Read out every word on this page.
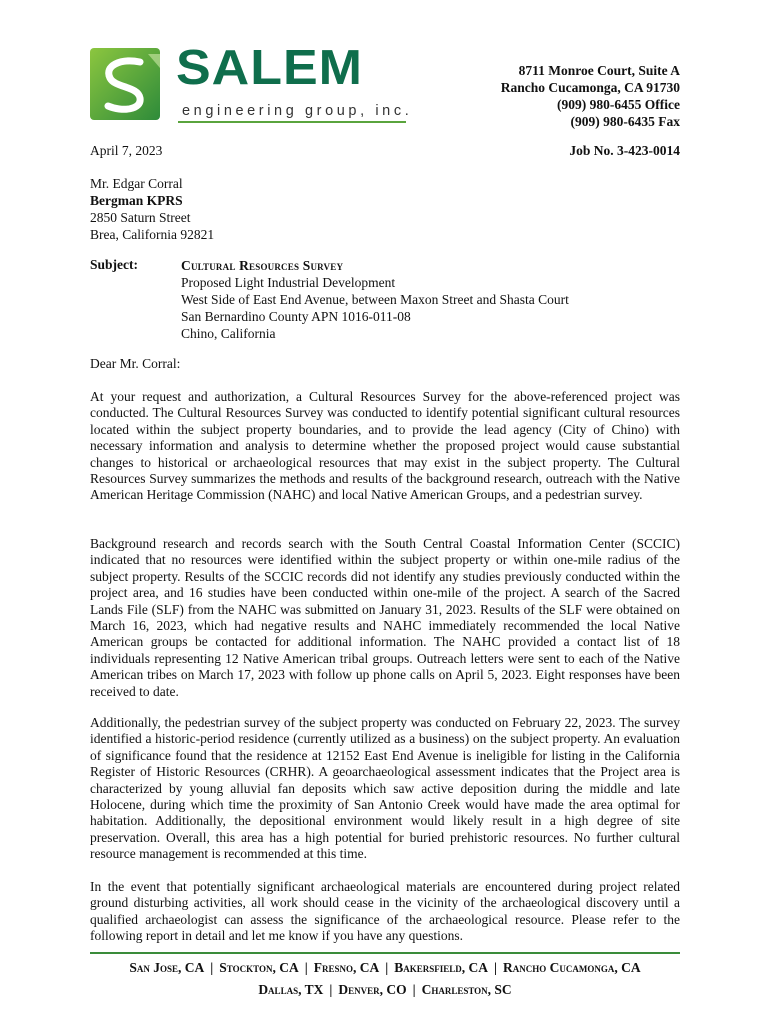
SALEM
engineering group, inc.
8711 Monroe Court, Suite A
Rancho Cucamonga, CA 91730
(909) 980-6455 Office
(909) 980-6435 Fax
April 7, 2023	Job No. 3-423-0014
Mr. Edgar Corral
Bergman KPRS
2850 Saturn Street
Brea, California 92821
Subject:	Cultural Resources Survey
Proposed Light Industrial Development
West Side of East End Avenue, between Maxon Street and Shasta Court
San Bernardino County APN 1016-011-08
Chino, California
Dear Mr. Corral:

At your request and authorization, a Cultural Resources Survey for the above-referenced project was conducted. The Cultural Resources Survey was conducted to identify potential significant cultural resources located within the subject property boundaries, and to provide the lead agency (City of Chino) with necessary information and analysis to determine whether the proposed project would cause substantial changes to historical or archaeological resources that may exist in the subject property. The Cultural Resources Survey summarizes the methods and results of the background research, outreach with the Native American Heritage Commission (NAHC) and local Native American Groups, and a pedestrian survey.

Background research and records search with the South Central Coastal Information Center (SCCIC) indicated that no resources were identified within the subject property or within one-mile radius of the subject property. Results of the SCCIC records did not identify any studies previously conducted within the project area, and 16 studies have been conducted within one-mile of the project. A search of the Sacred Lands File (SLF) from the NAHC was submitted on January 31, 2023. Results of the SLF were obtained on March 16, 2023, which had negative results and NAHC immediately recommended the local Native American groups be contacted for additional information. The NAHC provided a contact list of 18 individuals representing 12 Native American tribal groups. Outreach letters were sent to each of the Native American tribes on March 17, 2023 with follow up phone calls on April 5, 2023. Eight responses have been received to date.

Additionally, the pedestrian survey of the subject property was conducted on February 22, 2023. The survey identified a historic-period residence (currently utilized as a business) on the subject property. An evaluation of significance found that the residence at 12152 East End Avenue is ineligible for listing in the California Register of Historic Resources (CRHR). A geoarchaeological assessment indicates that the Project area is characterized by young alluvial fan deposits which saw active deposition during the middle and late Holocene, during which time the proximity of San Antonio Creek would have made the area optimal for habitation. Additionally, the depositional environment would likely result in a high degree of site preservation. Overall, this area has a high potential for buried prehistoric resources. No further cultural resource management is recommended at this time.

In the event that potentially significant archaeological materials are encountered during project related ground disturbing activities, all work should cease in the vicinity of the archaeological discovery until a qualified archaeologist can assess the significance of the archaeological resource. Please refer to the following report in detail and let me know if you have any questions.

San Jose, CA | Stockton, CA | Fresno, CA | Bakersfield, CA | Rancho Cucamonga, CA
Dallas, TX | Denver, CO | Charleston, SC
